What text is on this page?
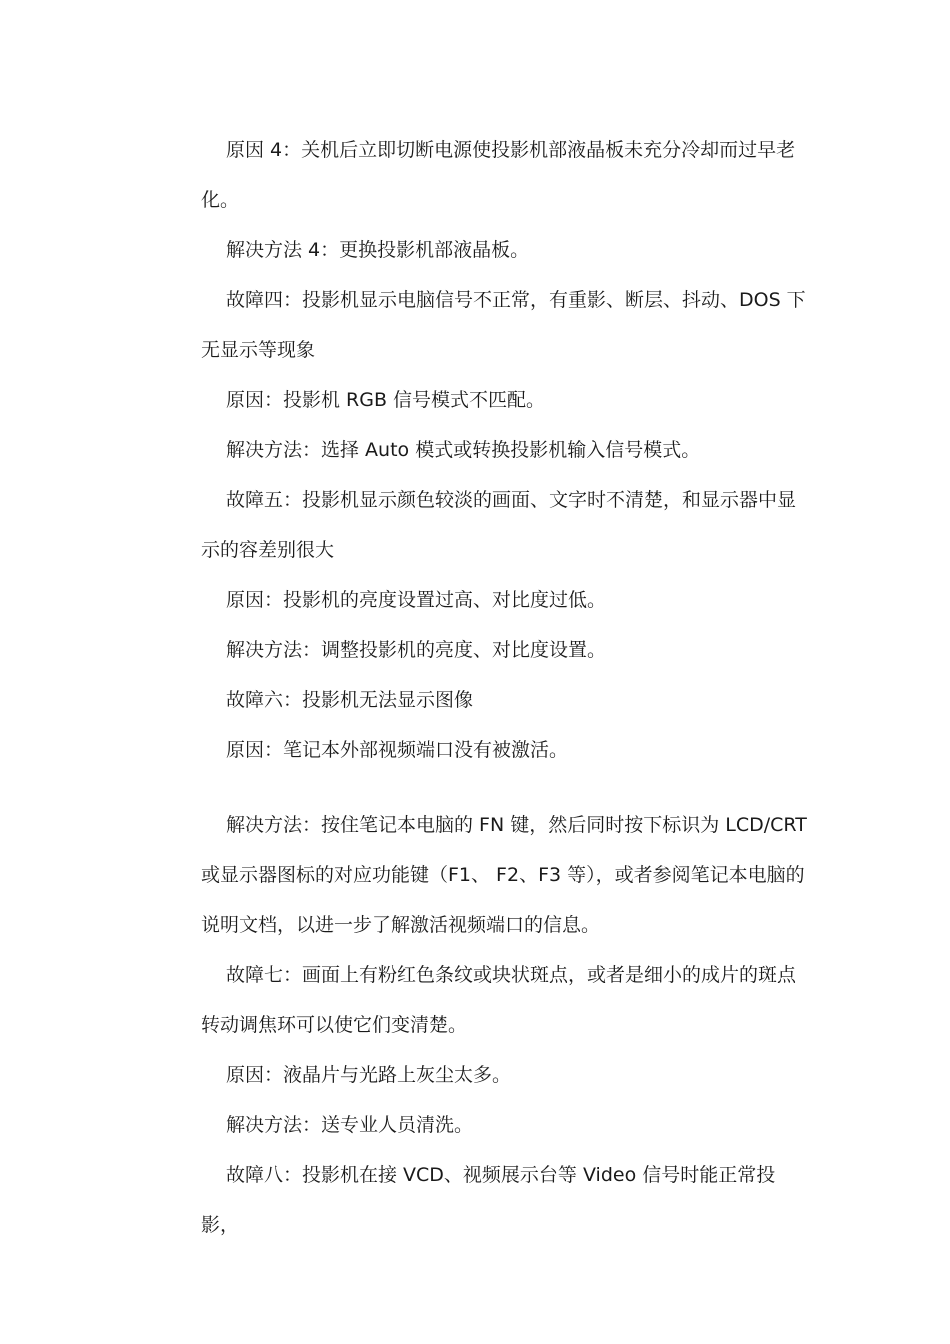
原因 4：关机后立即切断电源使投影机部液晶板未充分冷却而过早老化。

解决方法 4：更换投影机部液晶板。

故障四：投影机显示电脑信号不正常，有重影、断层、抖动、DOS 下无显示等现象

原因：投影机 RGB 信号模式不匹配。

解决方法：选择 Auto 模式或转换投影机输入信号模式。

故障五：投影机显示颜色较淡的画面、文字时不清楚，和显示器中显示的容差别很大

原因：投影机的亮度设置过高、对比度过低。

解决方法：调整投影机的亮度、对比度设置。

故障六：投影机无法显示图像

原因：笔记本外部视频端口没有被激活。

解决方法：按住笔记本电脑的 FN 键，然后同时按下标识为 LCD/CRT 或显示器图标的对应功能键（F1、 F2、F3 等），或者参阅笔记本电脑的说明文档，以进一步了解激活视频端口的信息。

故障七：画面上有粉红色条纹或块状斑点，或者是细小的成片的斑点转动调焦环可以使它们变清楚。

原因：液晶片与光路上灰尘太多。

解决方法：送专业人员清洗。

故障八：投影机在接 VCD、视频展示台等 Video 信号时能正常投影，
